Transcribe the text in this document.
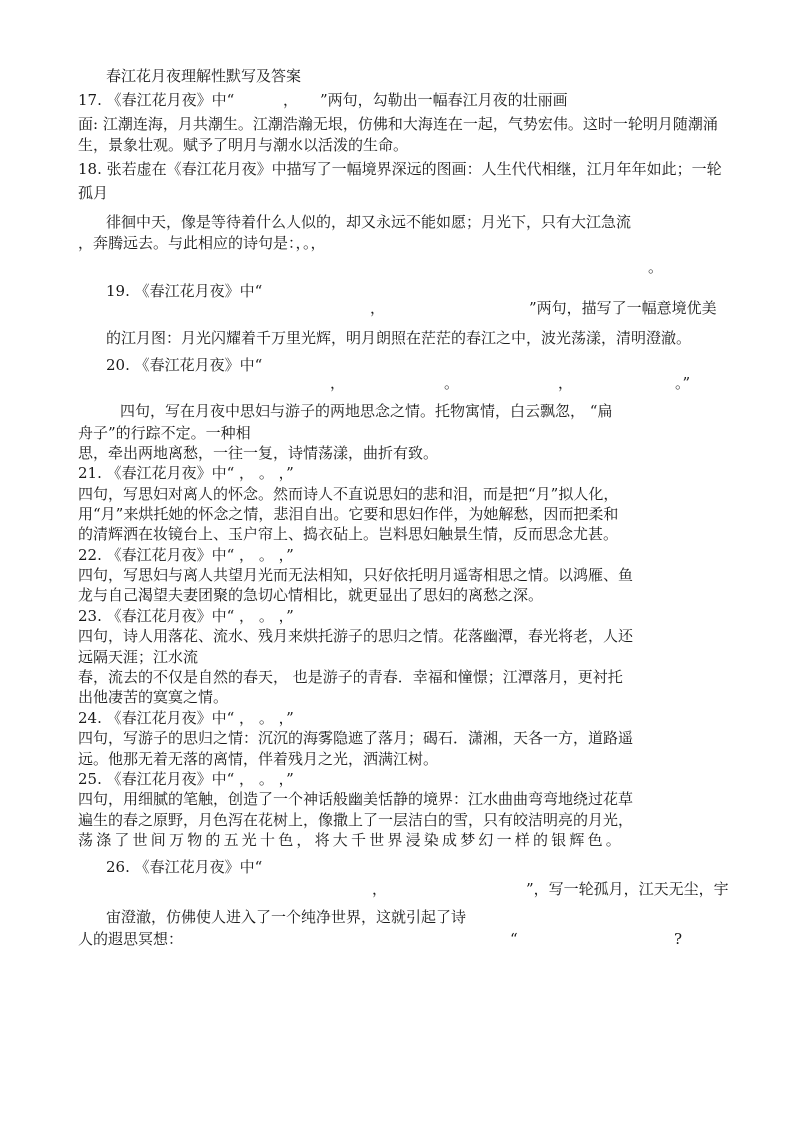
春江花月夜理解性默写及答案
17. 《春江花月夜》中“	， ”两句，勾勒出一幅春江月夜的壮丽画
面: 江潮连海，月共潮生。江潮浩瀚无垠，仿佛和大海连在一起，气势宏伟。这时一轮明月随潮涌
生，景象壮观。赋予了明月与潮水以活泼的生命。
18. 张若虚在《春江花月夜》中描写了一幅境界深远的图画：人生代代相继，江月年年如此；一轮
孤月
徘徊中天，像是等待着什么人似的，却又永远不能如愿；月光下，只有大江急流
，奔腾远去。与此相应的诗句是：，。，
。
19. 《春江花月夜》中“
，	”两句，描写了一幅意境优美
的江月图：月光闪耀着千万里光辉，明月朗照在茫茫的春江之中，波光荡漾，清明澄澈。
20. 《春江花月夜》中“
，	。	，	。”
四句，写在月夜中思妇与游子的两地思念之情。托物寓情，白云飘忽， “扁
舟子”的行踪不定。一种相
思，牵出两地离愁，一往一复，诗情荡漾，曲折有致。
21. 《春江花月夜》中“ ， 。 ，”
四句，写思妇对离人的怀念。然而诗人不直说思妇的悲和泪，而是把“月”拟人化，
用“月”来烘托她的怀念之情，悲泪自出。它要和思妇作伴，为她解愁，因而把柔和
的清辉洒在妆镜台上、玉户帘上、捣衣砧上。岂料思妇触景生情，反而思念尤甚。
22. 《春江花月夜》中“ ， 。 ，”
四句，写思妇与离人共望月光而无法相知，只好依托明月遥寄相思之情。以鸿雁、鱼
龙与自己渴望夫妻团聚的急切心情相比，就更显出了思妇的离愁之深。
23. 《春江花月夜》中“ ， 。 ，”
四句，诗人用落花、流水、残月来烘托游子的思归之情。花落幽潭，春光将老，人还
远隔天涯；江水流
春，流去的不仅是自然的春天， 也是游子的青春．幸福和憧憬；江潭落月，更衬托
出他凄苦的寞寞之情。
24. 《春江花月夜》中“ ， 。 ，”
四句，写游子的思归之情：沉沉的海雾隐遮了落月；碣石．潇湘，天各一方，道路遥
远。他那无着无落的离情，伴着残月之光，洒满江树。
25. 《春江花月夜》中“ ， 。 ，”
四句，用细腻的笔触，创造了一个神话般幽美恬静的境界：江水曲曲弯弯地绕过花草
遍生的春之原野，月色泻在花树上，像撒上了一层洁白的雪，只有皎洁明亮的月光，
荡涤了世间万物的五光十色，将大千世界浸染成梦幻一样的银辉色。
26. 《春江花月夜》中“
，	”，写一轮孤月，江天无尘，宇
宙澄澈，仿佛使人进入了一个纯净世界，这就引起了诗
人的遐思冥想：	“	?
